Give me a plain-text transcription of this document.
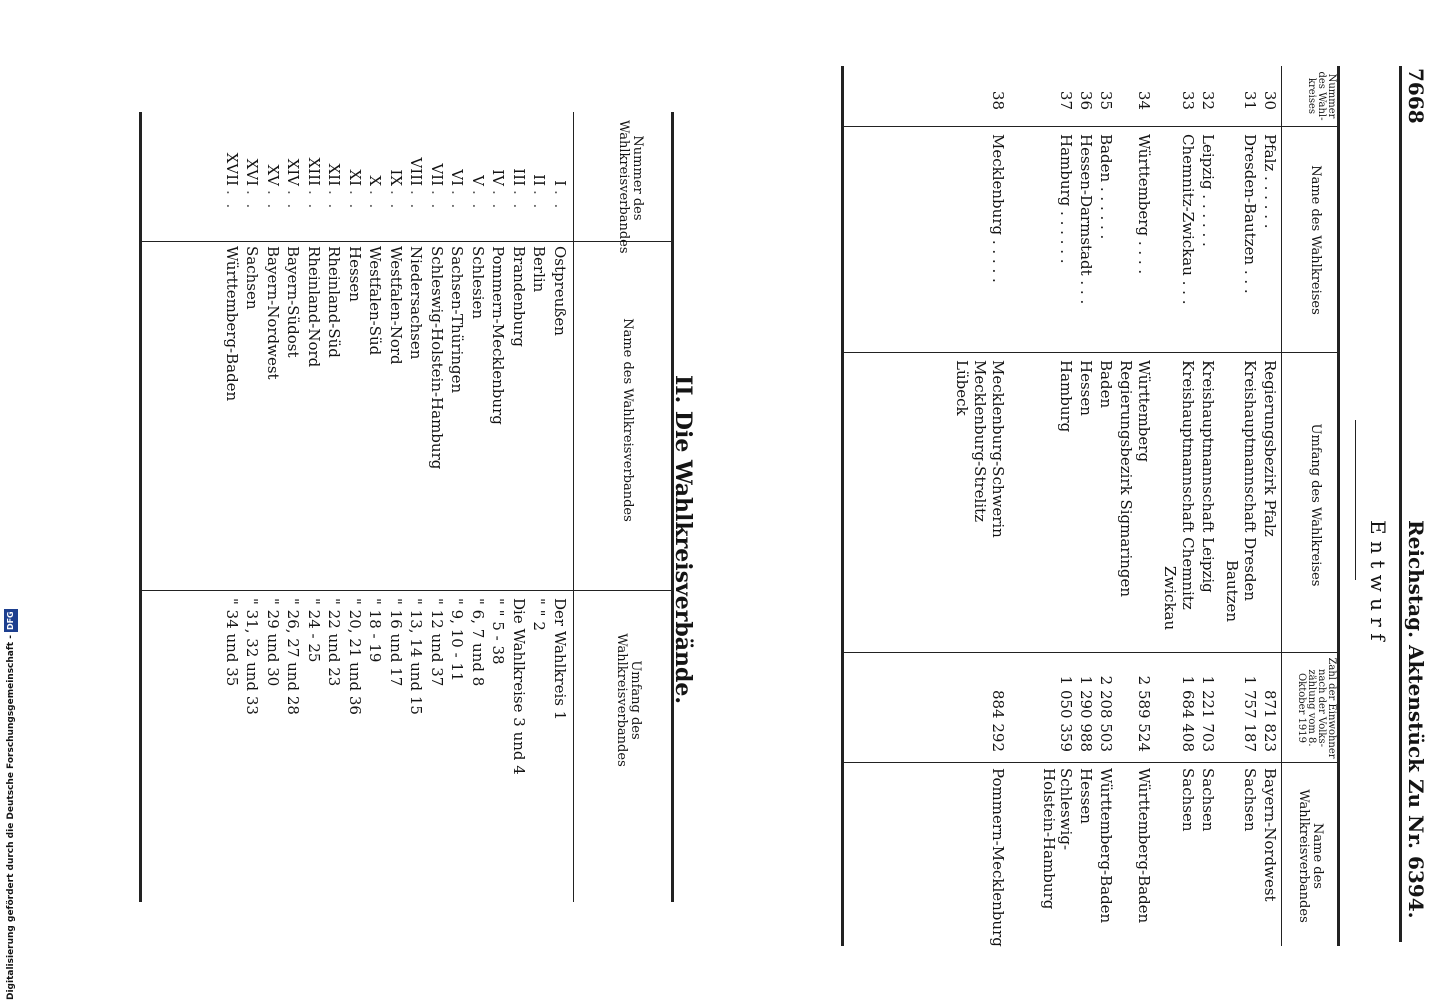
7668
Reichstag. Aktenstück Zu Nr. 6394.
E n t w u r f
Nummer des Wahl-kreises
Name des Wahlkreises
Umfang des Wahlkreises
Zahl der Einwohner nach der Volks-zählung vom 8. Oktober 1919
Name des Wahlkreisverbandes
30
Pfalz . . . . . .
Regierungsbezirk Pfalz
871 823
Bayern-Nordwest
31
Dresden-Bautzen . . .
Kreishauptmannschaft Dresden
Bautzen
1 757 187
Sachsen
32
Leipzig . . . . . .
Kreishauptmannschaft Leipzig
1 221 703
Sachsen
33
Chemnitz-Zwickau . . .
Kreishauptmannschaft Chemnitz
Zwickau
1 684 408
Sachsen
34
Württemberg . . . .
Württemberg
Regierungsbezirk Sigmaringen
2 589 524
Württemberg-Baden
35
Baden . . . . . .
Baden
2 208 503
Württemberg-Baden
36
Hessen-Darmstadt . . .
Hessen
1 290 988
Hessen
37
Hamburg . . . . . .
Hamburg
1 050 359
Schleswig-Holstein-Hamburg
38
Mecklenburg . . . . .
Mecklenburg-Schwerin
Mecklenburg-Strelitz
Lübeck
884 292
Pommern-Mecklenburg
II. Die Wahlkreisverbände.
Nummer des Wahlkreisverbandes
Name des Wahlkreisverbandes
Umfang des Wahlkreisverbandes
I
. .
Ostpreußen
Der Wahlkreis 1
II
. .
Berlin
" " 2
III
. .
Brandenburg
Die Wahlkreise 3 und 4
IV
. .
Pommern-Mecklenburg
" " 5 - 38
V
. .
Schlesien
" 6, 7 und 8
VI
. .
Sachsen-Thüringen
" 9, 10 - 11
VII
. .
Schleswig-Holstein-Hamburg
" 12 und 37
VIII
. .
Niedersachsen
" 13, 14 und 15
IX
. .
Westfalen-Nord
" 16 und 17
X
. .
Westfalen-Süd
" 18 - 19
XI
. .
Hessen
" 20, 21 und 36
XII
. .
Rheinland-Süd
" 22 und 23
XIII
. .
Rheinland-Nord
" 24 - 25
XIV
. .
Bayern-Südost
" 26, 27 und 28
XV
. .
Bayern-Nordwest
" 29 und 30
XVI
. .
Sachsen
" 31, 32 und 33
XVII
. .
Württemberg-Baden
" 34 und 35
Digitalisierung gefördert durch die Deutsche Forschungsgemeinschaft -DFG
